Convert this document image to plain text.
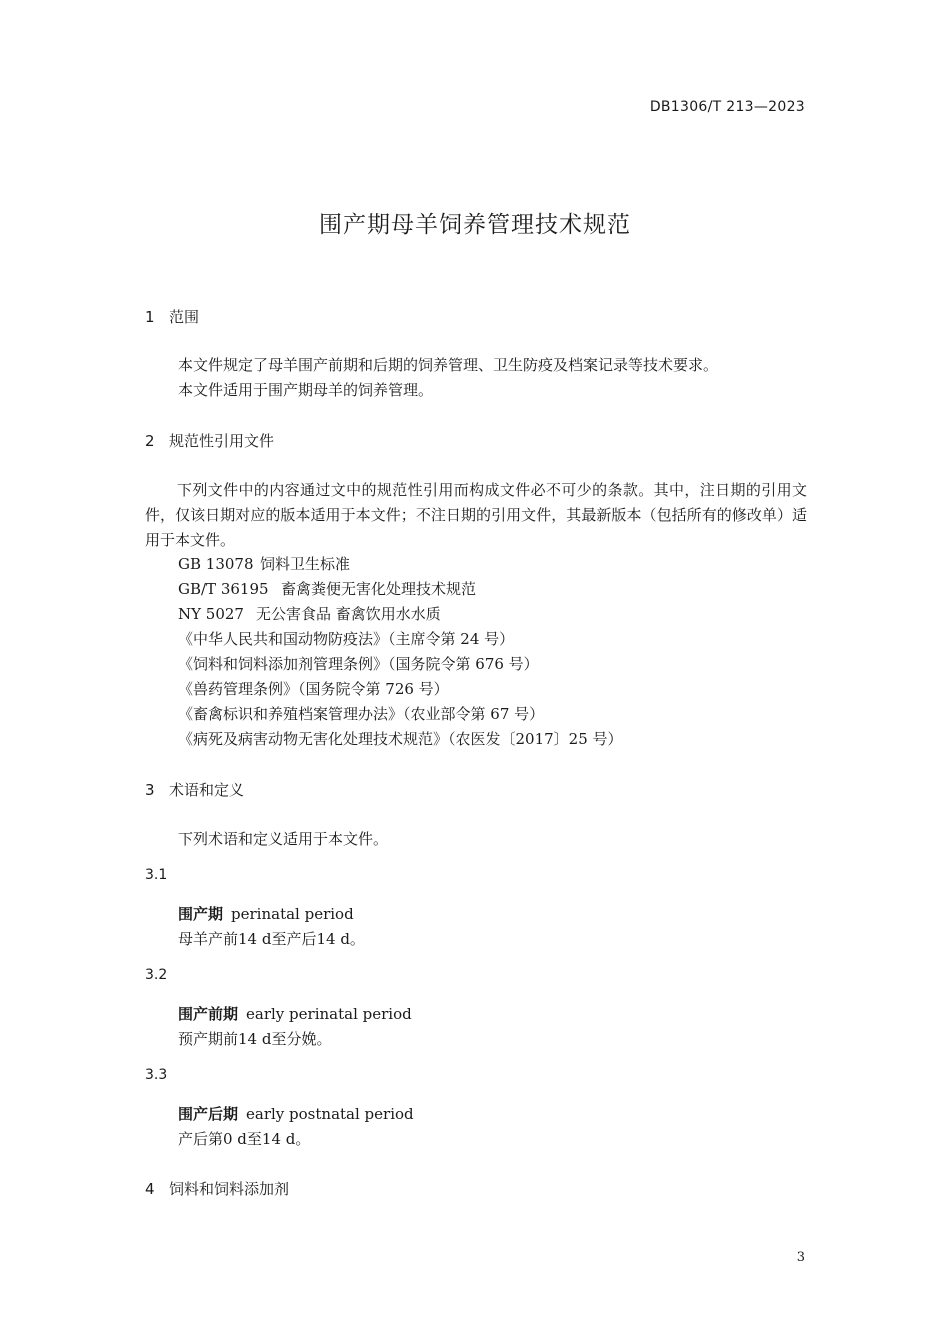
DB1306/T 213—2023
围产期母羊饲养管理技术规范
1 范围
本文件规定了母羊围产前期和后期的饲养管理、卫生防疫及档案记录等技术要求。
本文件适用于围产期母羊的饲养管理。
2 规范性引用文件
下列文件中的内容通过文中的规范性引用而构成文件必不可少的条款。其中，注日期的引用文件，仅该日期对应的版本适用于本文件；不注日期的引用文件，其最新版本（包括所有的修改单）适用于本文件。
GB 13078 饲料卫生标准
GB/T 36195 畜禽粪便无害化处理技术规范
NY 5027 无公害食品 畜禽饮用水水质
《中华人民共和国动物防疫法》（主席令第 24 号）
《饲料和饲料添加剂管理条例》（国务院令第 676 号）
《兽药管理条例》（国务院令第 726 号）
《畜禽标识和养殖档案管理办法》（农业部令第 67 号）
《病死及病害动物无害化处理技术规范》（农医发〔2017〕25 号）
3 术语和定义
下列术语和定义适用于本文件。
3.1
围产期 perinatal period
母羊产前14 d至产后14 d。
3.2
围产前期 early perinatal period
预产期前14 d至分娩。
3.3
围产后期 early postnatal period
产后第0 d至14 d。
4 饲料和饲料添加剂
3
